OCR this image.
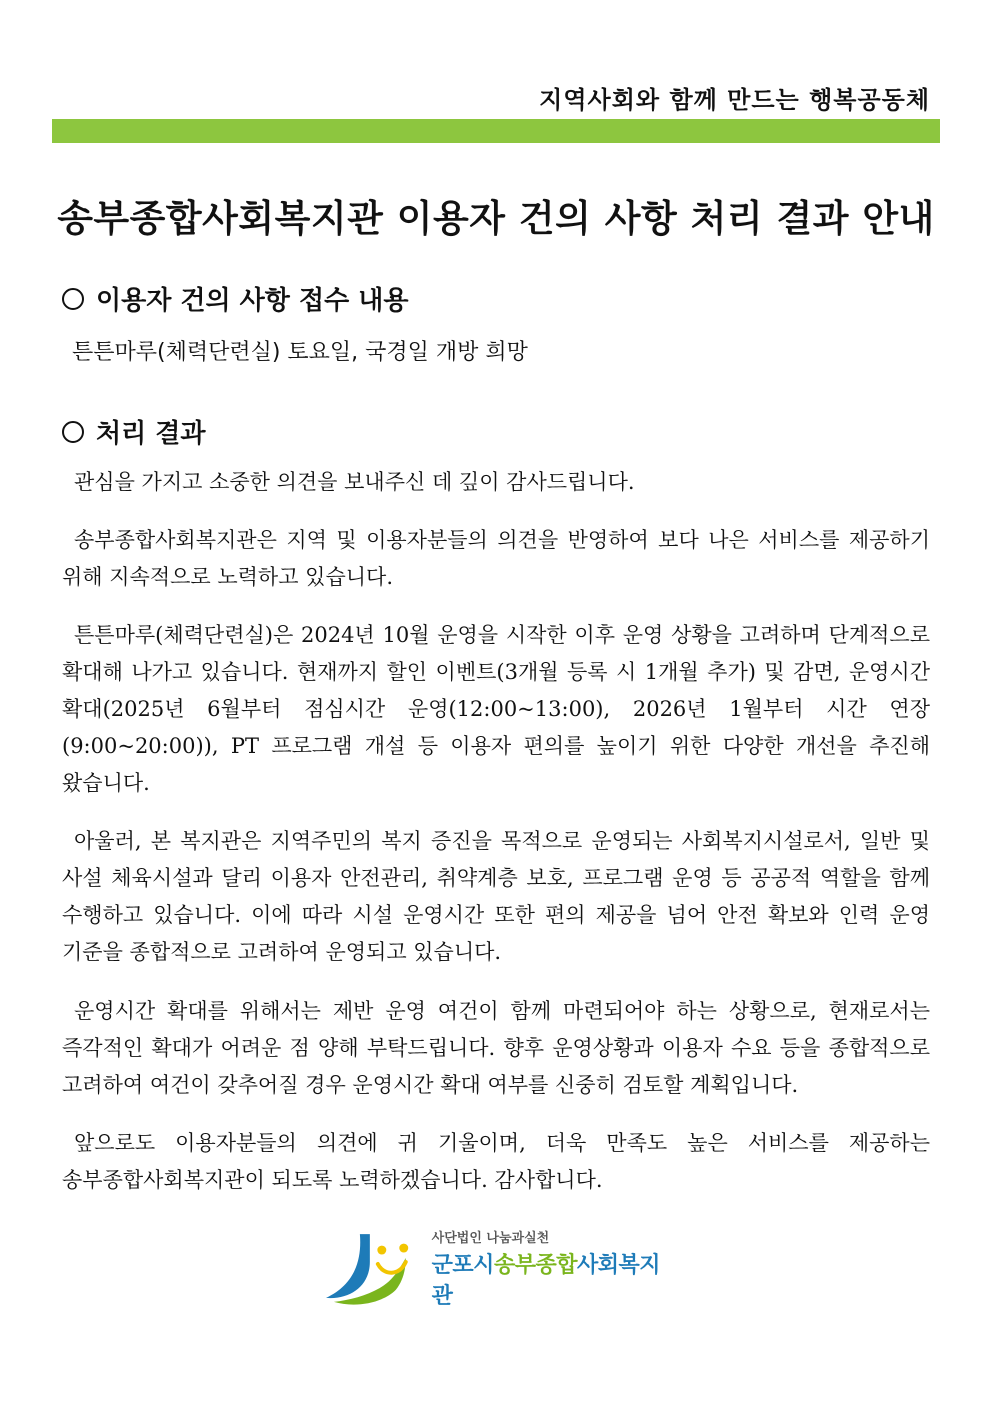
지역사회와 함께 만드는 행복공동체
송부종합사회복지관 이용자 건의 사항 처리 결과 안내
이용자 건의 사항 접수 내용
튼튼마루(체력단련실) 토요일, 국경일 개방 희망
처리 결과

관심을 가지고 소중한 의견을 보내주신 데 깊이 감사드립니다.

송부종합사회복지관은 지역 및 이용자분들의 의견을 반영하여 보다 나은 서비스를 제공하기 위해 지속적으로 노력하고 있습니다.

튼튼마루(체력단련실)은 2024년 10월 운영을 시작한 이후 운영 상황을 고려하며 단계적으로 확대해 나가고 있습니다. 현재까지 할인 이벤트(3개월 등록 시 1개월 추가) 및 감면, 운영시간 확대(2025년 6월부터 점심시간 운영(12:00~13:00), 2026년 1월부터 시간 연장(9:00~20:00)), PT 프로그램 개설 등 이용자 편의를 높이기 위한 다양한 개선을 추진해 왔습니다.

아울러, 본 복지관은 지역주민의 복지 증진을 목적으로 운영되는 사회복지시설로서, 일반 및 사설 체육시설과 달리 이용자 안전관리, 취약계층 보호, 프로그램 운영 등 공공적 역할을 함께 수행하고 있습니다. 이에 따라 시설 운영시간 또한 편의 제공을 넘어 안전 확보와 인력 운영 기준을 종합적으로 고려하여 운영되고 있습니다.

운영시간 확대를 위해서는 제반 운영 여건이 함께 마련되어야 하는 상황으로, 현재로서는 즉각적인 확대가 어려운 점 양해 부탁드립니다. 향후 운영상황과 이용자 수요 등을 종합적으로 고려하여 여건이 갖추어질 경우 운영시간 확대 여부를 신중히 검토할 계획입니다.

앞으로도 이용자분들의 의견에 귀 기울이며, 더욱 만족도 높은 서비스를 제공하는 송부종합사회복지관이 되도록 노력하겠습니다. 감사합니다.

사단법인 나눔과실천
군포시송부종합사회복지관
